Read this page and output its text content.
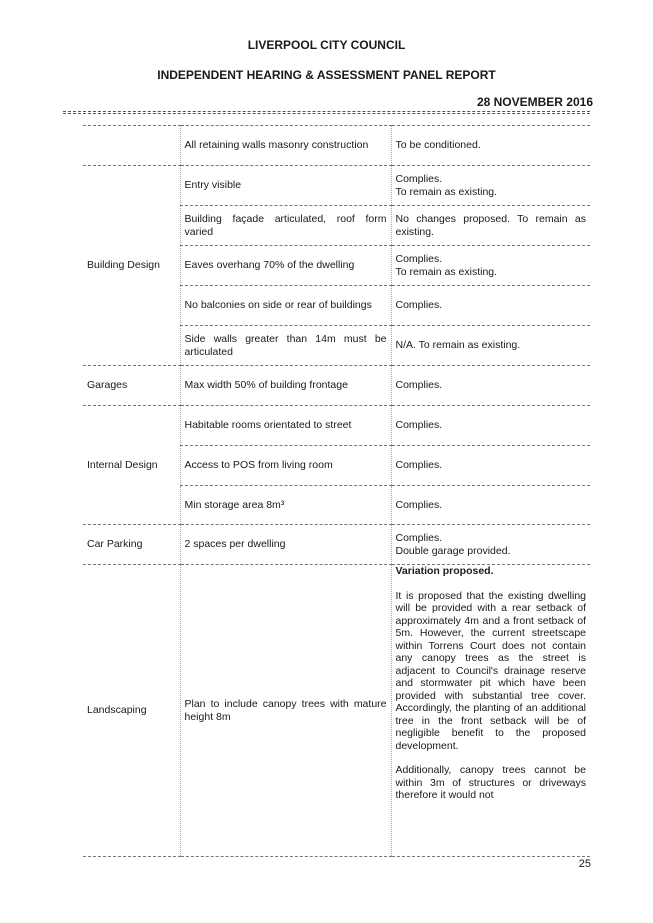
LIVERPOOL CITY COUNCIL
INDEPENDENT HEARING & ASSESSMENT PANEL REPORT
28 NOVEMBER 2016
	All retaining walls masonry construction	To be conditioned.

Building Design	Entry visible	Complies.
To remain as existing.

	Building façade articulated, roof form varied	No changes proposed. To remain as existing.

	Eaves overhang 70% of the dwelling	Complies.
To remain as existing.

	No balconies on side or rear of buildings	Complies.

	Side walls greater than 14m must be articulated	N/A. To remain as existing.

Garages	Max width 50% of building frontage	Complies.

Internal Design	Habitable rooms orientated to street	Complies.

	Access to POS from living room	Complies.

	Min storage area 8m³	Complies.

Car Parking	2 spaces per dwelling	Complies.
Double garage provided.

Landscaping	Plan to include canopy trees with mature height 8m	Variation proposed.
It is proposed that the existing dwelling will be provided with a rear setback of approximately 4m and a front setback of 5m. However, the current streetscape within Torrens Court does not contain any canopy trees as the street is adjacent to Council's drainage reserve and stormwater pit which have been provided with substantial tree cover. Accordingly, the planting of an additional tree in the front setback will be of negligible benefit to the proposed development.
Additionally, canopy trees cannot be within 3m of structures or driveways therefore it would not
25
